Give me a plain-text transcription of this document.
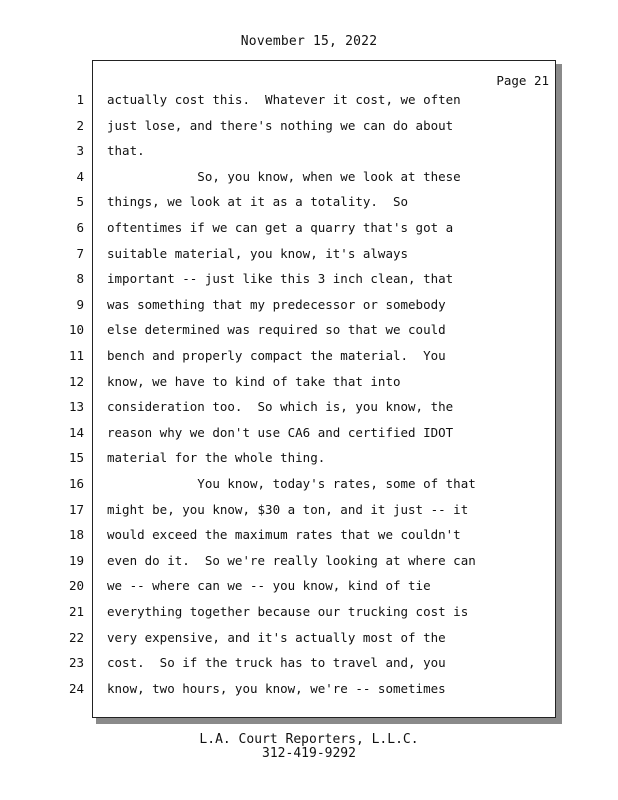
November 15, 2022
Page 21
1 actually cost this.  Whatever it cost, we often
2 just lose, and there's nothing we can do about
3 that.
4 So, you know, when we look at these
5 things, we look at it as a totality.  So
6 oftentimes if we can get a quarry that's got a
7 suitable material, you know, it's always
8 important -- just like this 3 inch clean, that
9 was something that my predecessor or somebody
10 else determined was required so that we could
11 bench and properly compact the material.  You
12 know, we have to kind of take that into
13 consideration too.  So which is, you know, the
14 reason why we don't use CA6 and certified IDOT
15 material for the whole thing.
16 You know, today's rates, some of that
17 might be, you know, $30 a ton, and it just -- it
18 would exceed the maximum rates that we couldn't
19 even do it.  So we're really looking at where can
20 we -- where can we -- you know, kind of tie
21 everything together because our trucking cost is
22 very expensive, and it's actually most of the
23 cost.  So if the truck has to travel and, you
24 know, two hours, you know, we're -- sometimes
L.A. Court Reporters, L.L.C.
312-419-9292
